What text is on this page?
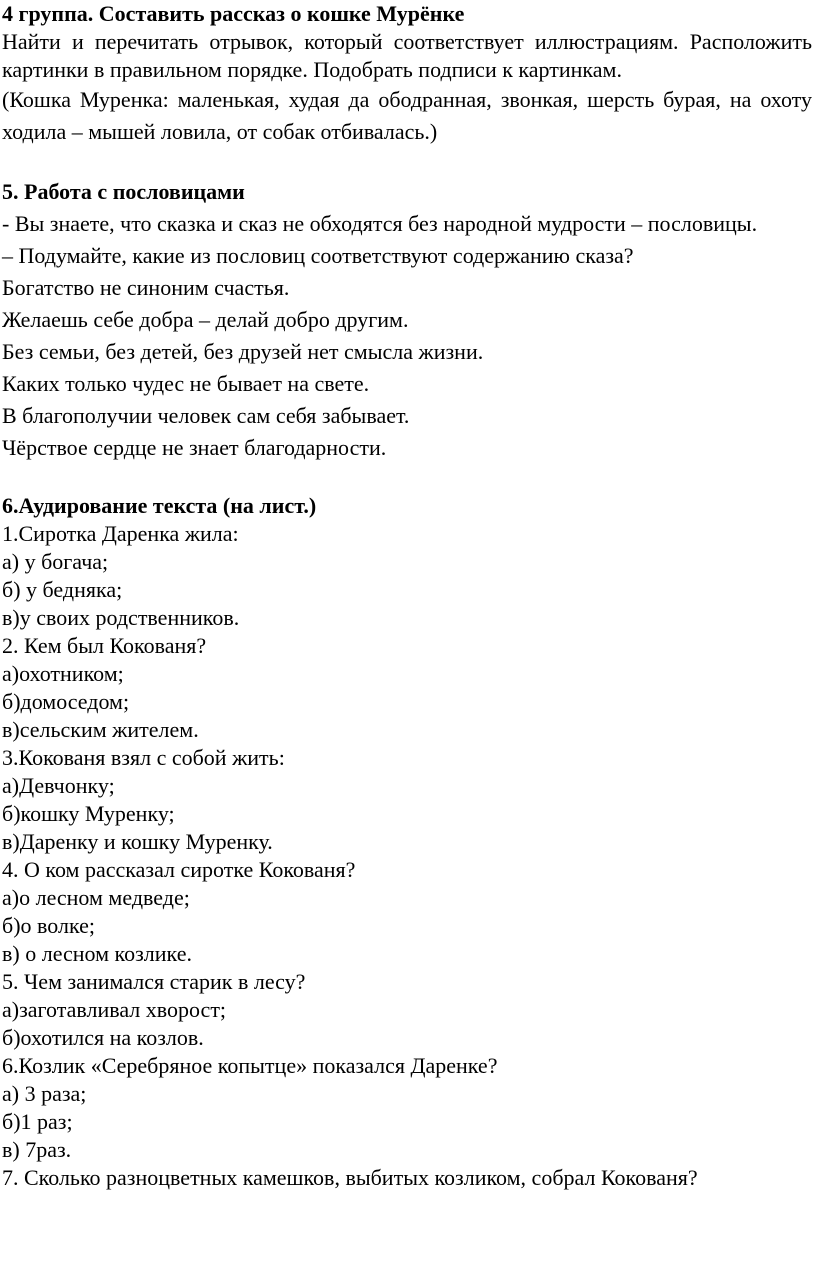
4 группа. Составить рассказ о кошке Мурёнке

Найти и перечитать отрывок, который соответствует иллюстрациям. Расположить картинки в правильном порядке. Подобрать подписи к картинкам.

(Кошка Муренка: маленькая, худая да ободранная, звонкая, шерсть бурая, на охоту ходила – мышей ловила, от собак отбивалась.)

5. Работа с пословицами

- Вы знаете, что сказка и сказ не обходятся без народной мудрости – пословицы.

– Подумайте, какие из пословиц соответствуют содержанию сказа?

Богатство не синоним счастья.

Желаешь себе добра – делай добро другим.

Без семьи, без детей, без друзей нет смысла жизни.

Каких только чудес не бывает на свете.

В благополучии человек сам себя забывает.

Чёрствое сердце не знает благодарности.

6.Аудирование текста (на лист.)

1.Сиротка Даренка жила:

а) у богача;

б) у бедняка;

в)у своих родственников.

2. Кем был Кокованя?

а)охотником;

б)домоседом;

в)сельским жителем.

3.Кокованя взял с собой жить:

а)Девчонку;

б)кошку Муренку;

в)Даренку и кошку Муренку.

4. О ком рассказал сиротке Кокованя?

а)о лесном медведе;

б)о волке;

в) о лесном козлике.

5. Чем занимался старик в лесу?

а)заготавливал хворост;

б)охотился на козлов.

6.Козлик «Серебряное копытце» показался Даренке?

а) 3 раза;

б)1 раз;

в) 7раз.

7. Сколько разноцветных камешков, выбитых козликом, собрал Кокованя?
